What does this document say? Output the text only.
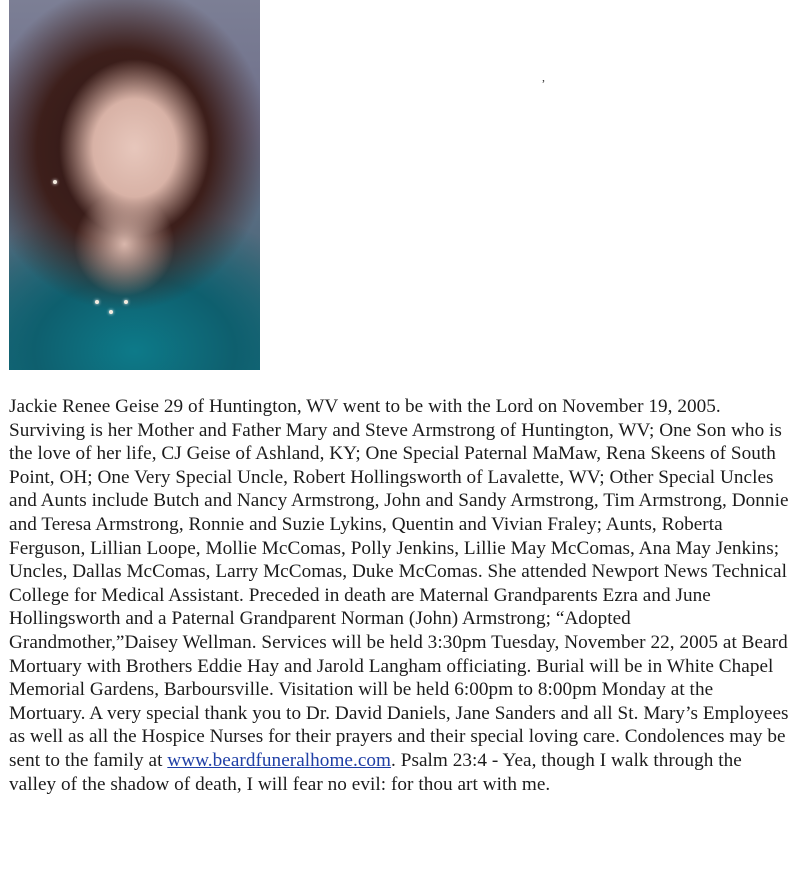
,

Jackie Renee Geise 29 of Huntington, WV went to be with the Lord on November 19, 2005. Surviving is her Mother and Father Mary and Steve Armstrong of Huntington, WV; One Son who is the love of her life, CJ Geise of Ashland, KY; One Special Paternal MaMaw, Rena Skeens of South Point, OH; One Very Special Uncle, Robert Hollingsworth of Lavalette, WV; Other Special Uncles and Aunts include Butch and Nancy Armstrong, John and Sandy Armstrong, Tim Armstrong, Donnie and Teresa Armstrong, Ronnie and Suzie Lykins, Quentin and Vivian Fraley; Aunts, Roberta Ferguson, Lillian Loope, Mollie McComas, Polly Jenkins, Lillie May McComas, Ana May Jenkins; Uncles, Dallas McComas, Larry McComas, Duke McComas. She attended Newport News Technical College for Medical Assistant. Preceded in death are Maternal Grandparents Ezra and June Hollingsworth and a Paternal Grandparent Norman (John) Armstrong; “Adopted Grandmother,”Daisey Wellman. Services will be held 3:30pm Tuesday, November 22, 2005 at Beard Mortuary with Brothers Eddie Hay and Jarold Langham officiating. Burial will be in White Chapel Memorial Gardens, Barboursville. Visitation will be held 6:00pm to 8:00pm Monday at the Mortuary. A very special thank you to Dr. David Daniels, Jane Sanders and all St. Mary’s Employees as well as all the Hospice Nurses for their prayers and their special loving care. Condolences may be sent to the family at www.beardfuneralhome.com. Psalm 23:4 - Yea, though I walk through the valley of the shadow of death, I will fear no evil: for thou art with me.
